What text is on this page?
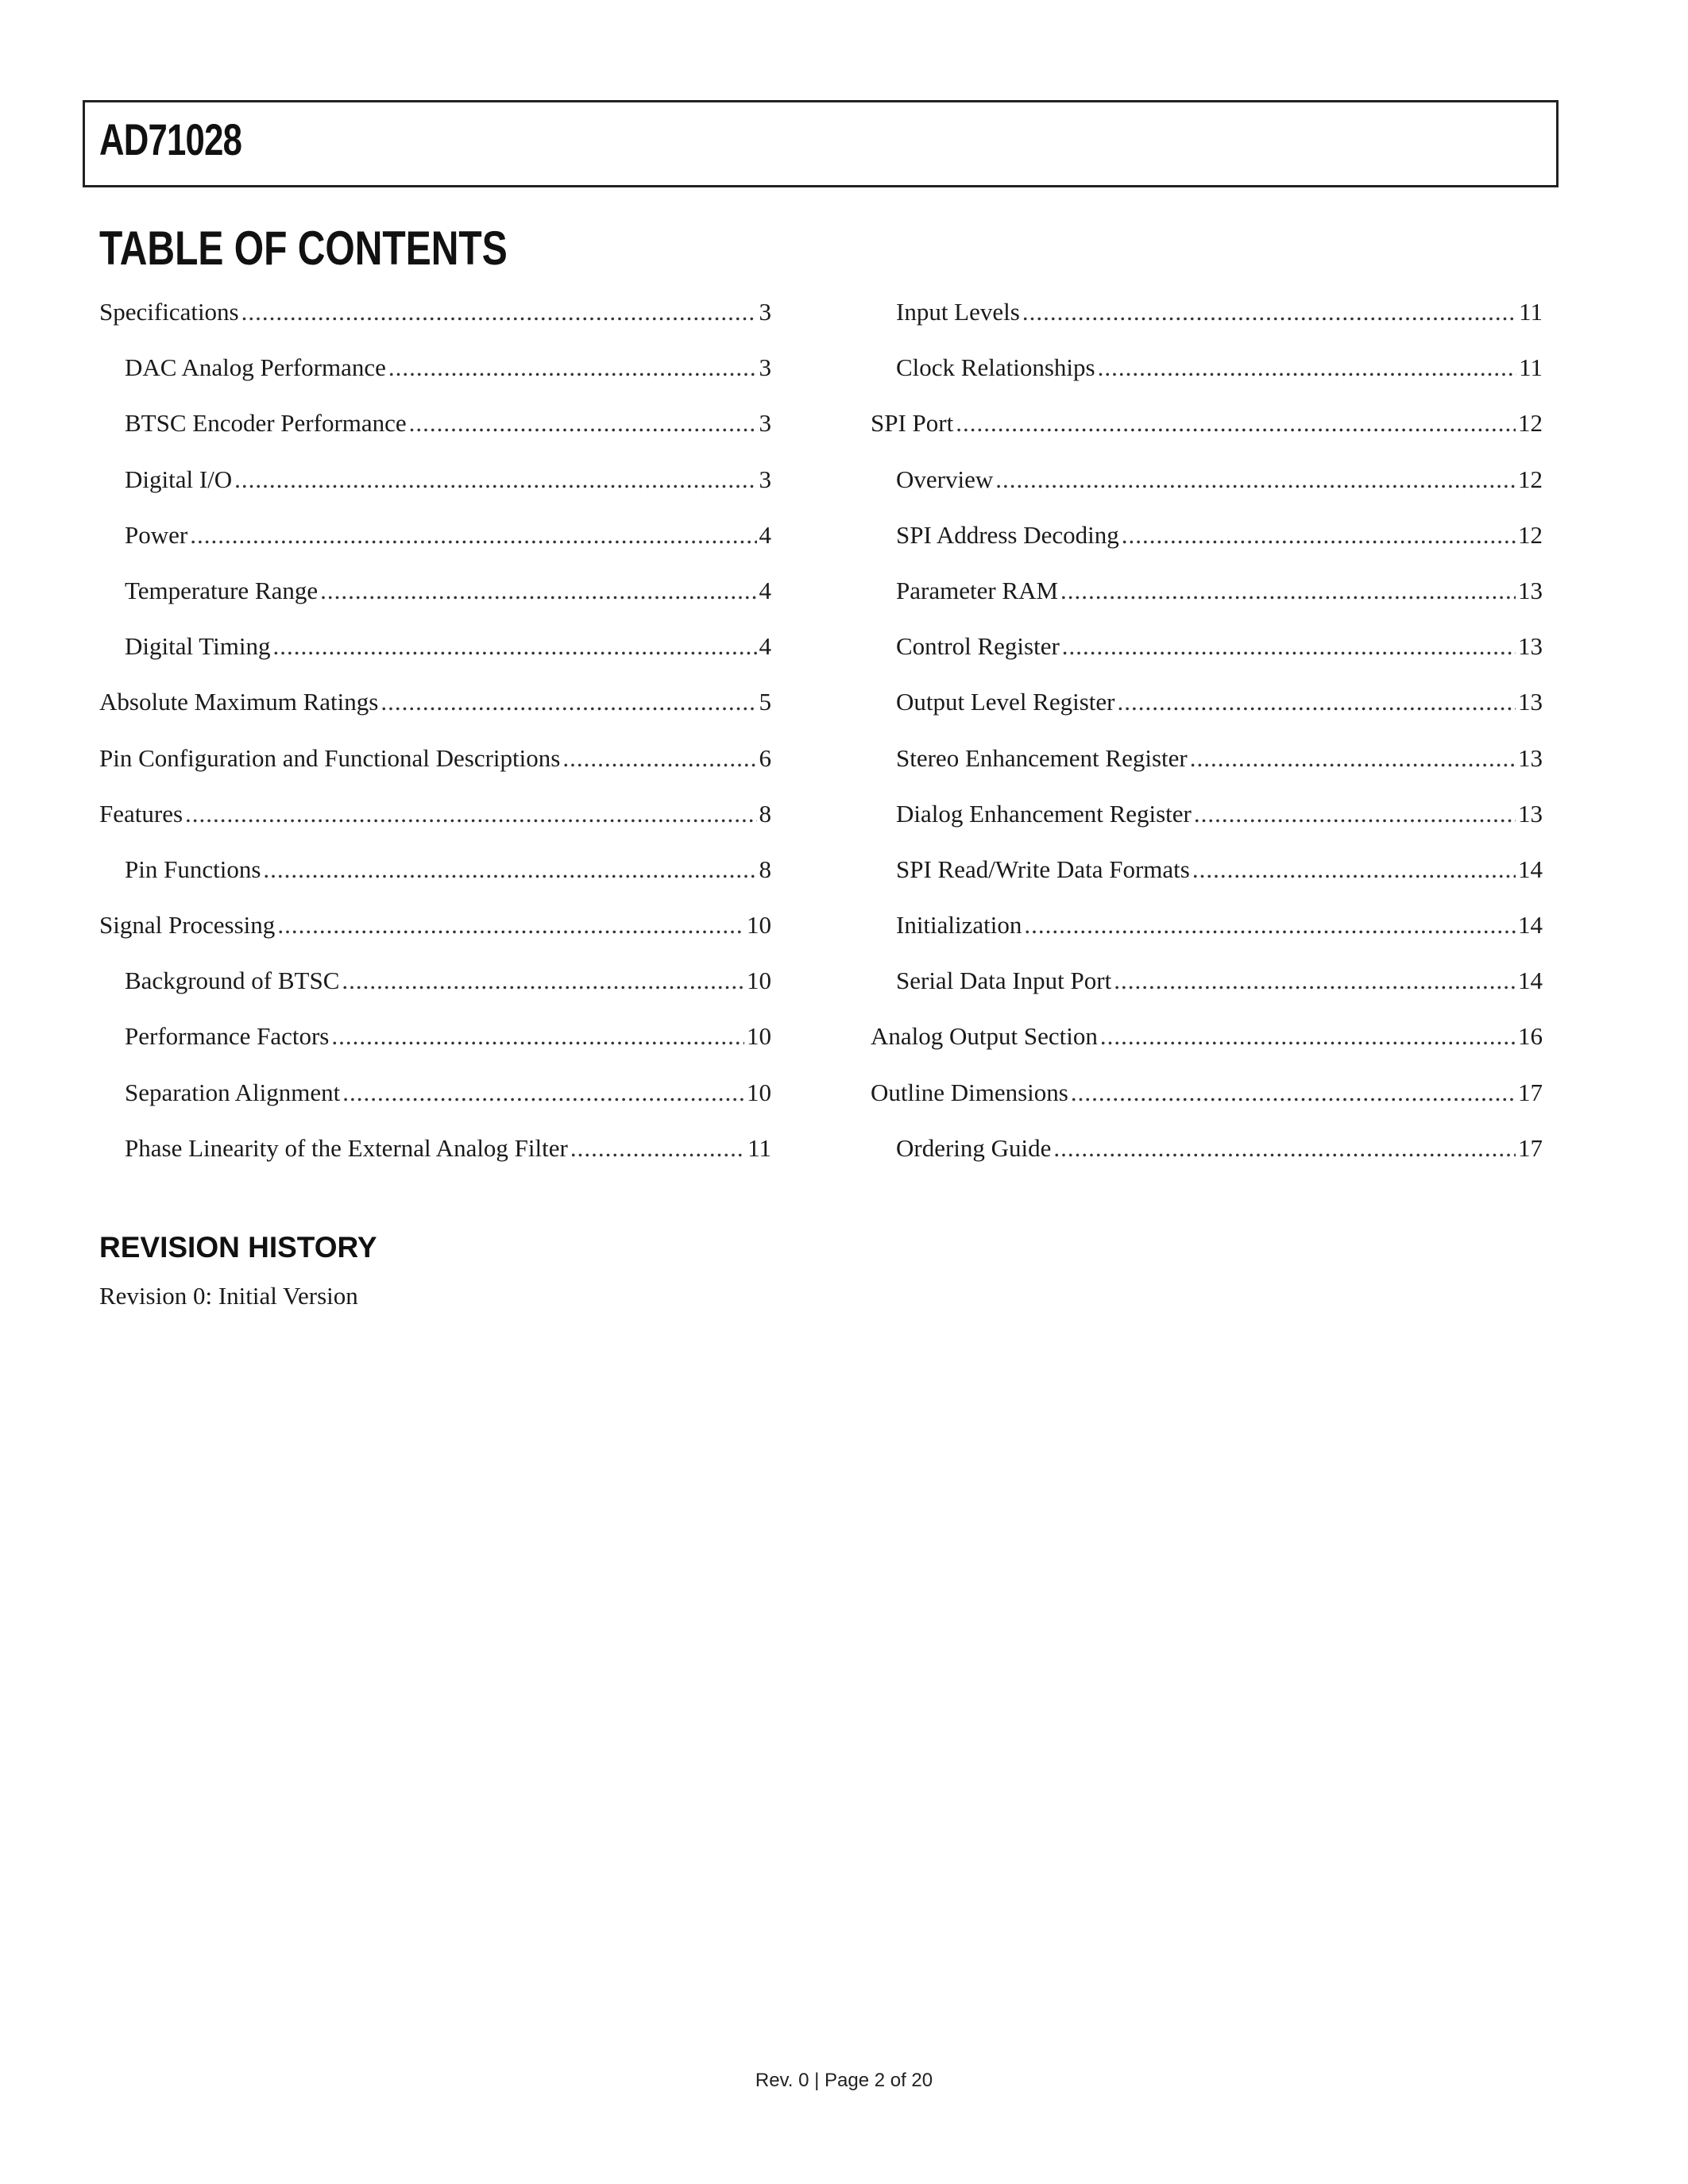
AD71028
TABLE OF CONTENTS
Specifications .....	3
DAC Analog Performance .....	3
BTSC Encoder Performance .....	3
Digital I/O .....	3
Power .....	4
Temperature Range .....	4
Digital Timing .....	4
Absolute Maximum Ratings .....	5
Pin Configuration and Functional Descriptions .....	6
Features .....	8
Pin Functions .....	8
Signal Processing .....	10
Background of BTSC .....	10
Performance Factors .....	10
Separation Alignment .....	10
Phase Linearity of the External Analog Filter .....	11
Input Levels .....	11
Clock Relationships .....	11
SPI Port .....	12
Overview .....	12
SPI Address Decoding .....	12
Parameter RAM .....	13
Control Register .....	13
Output Level Register .....	13
Stereo Enhancement Register .....	13
Dialog Enhancement Register .....	13
SPI Read/Write Data Formats .....	14
Initialization .....	14
Serial Data Input Port .....	14
Analog Output Section .....	16
Outline Dimensions .....	17
Ordering Guide .....	17
REVISION HISTORY
Revision 0: Initial Version
Rev. 0 | Page 2 of 20
